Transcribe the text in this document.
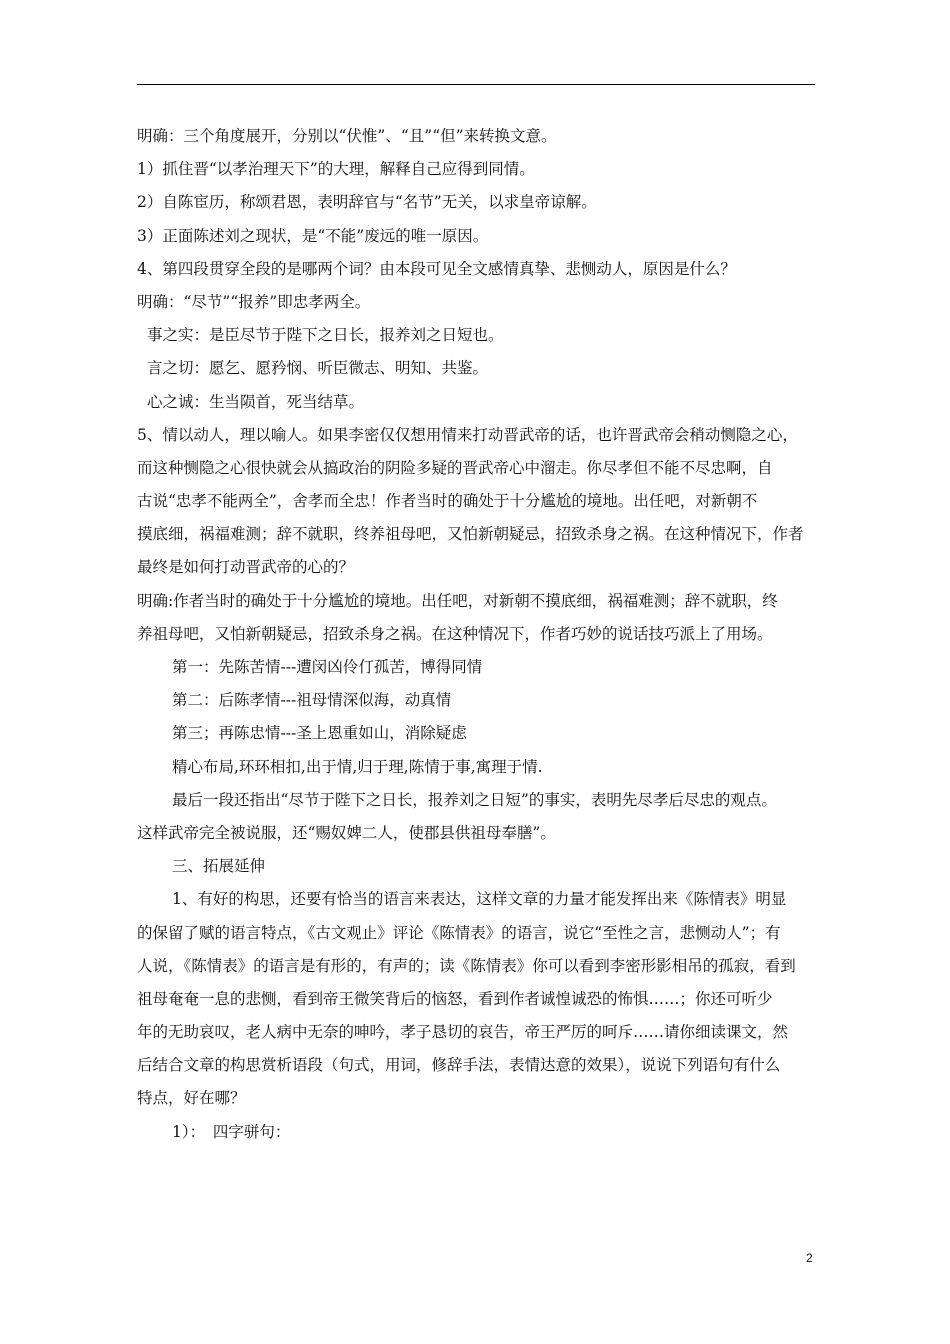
明确：三个角度展开，分别以“伏惟”、“且”“但”来转换文意。
1）抓住晋“以孝治理天下”的大理，解释自己应得到同情。
2）自陈宦历，称颂君恩，表明辞官与“名节”无关，以求皇帝谅解。
3）正面陈述刘之现状，是“不能”废远的唯一原因。
4、第四段贯穿全段的是哪两个词？由本段可见全文感情真挚、悲恻动人，原因是什么？
明确：“尽节”“报养”即忠孝两全。
事之实：是臣尽节于陛下之日长，报养刘之日短也。
言之切：愿乞、愿矜悯、听臣微志、明知、共鉴。
心之诚：生当陨首，死当结草。
5、情以动人，理以喻人。如果李密仅仅想用情来打动晋武帝的话，也许晋武帝会稍动恻隐之心，
而这种恻隐之心很快就会从搞政治的阴险多疑的晋武帝心中溜走。你尽孝但不能不尽忠啊，自
古说“忠孝不能两全”，舍孝而全忠！作者当时的确处于十分尴尬的境地。出任吧，对新朝不
摸底细，祸福难测；辞不就职，终养祖母吧，又怕新朝疑忌，招致杀身之祸。在这种情况下，作者
最终是如何打动晋武帝的心的？
明确:作者当时的确处于十分尴尬的境地。出任吧，对新朝不摸底细，祸福难测；辞不就职，终
养祖母吧，又怕新朝疑忌，招致杀身之祸。在这种情况下，作者巧妙的说话技巧派上了用场。
第一：先陈苦情---遭闵凶伶仃孤苦，博得同情
第二：后陈孝情---祖母情深似海，动真情
第三；再陈忠情---圣上恩重如山，消除疑虑
精心布局,环环相扣,出于情,归于理,陈情于事,寓理于情.
最后一段还指出“尽节于陛下之日长，报养刘之日短”的事实，表明先尽孝后尽忠的观点。
这样武帝完全被说服，还“赐奴婢二人，使郡县供祖母奉膳”。
三、拓展延伸
1、有好的构思，还要有恰当的语言来表达，这样文章的力量才能发挥出来《陈情表》明显
的保留了赋的语言特点，《古文观止》评论《陈情表》的语言，说它“至性之言，悲恻动人”；有
人说，《陈情表》的语言是有形的，有声的；读《陈情表》你可以看到李密形影相吊的孤寂，看到
祖母奄奄一息的悲恻，看到帝王微笑背后的恼怒，看到作者诚惶诚恐的怖惧……；你还可听少
年的无助哀叹，老人病中无奈的呻吟，孝子恳切的哀告，帝王严厉的呵斥……请你细读课文，然
后结合文章的构思赏析语段（句式，用词，修辞手法，表情达意的效果），说说下列语句有什么
特点，好在哪？
1）：　四字骈句：
2
